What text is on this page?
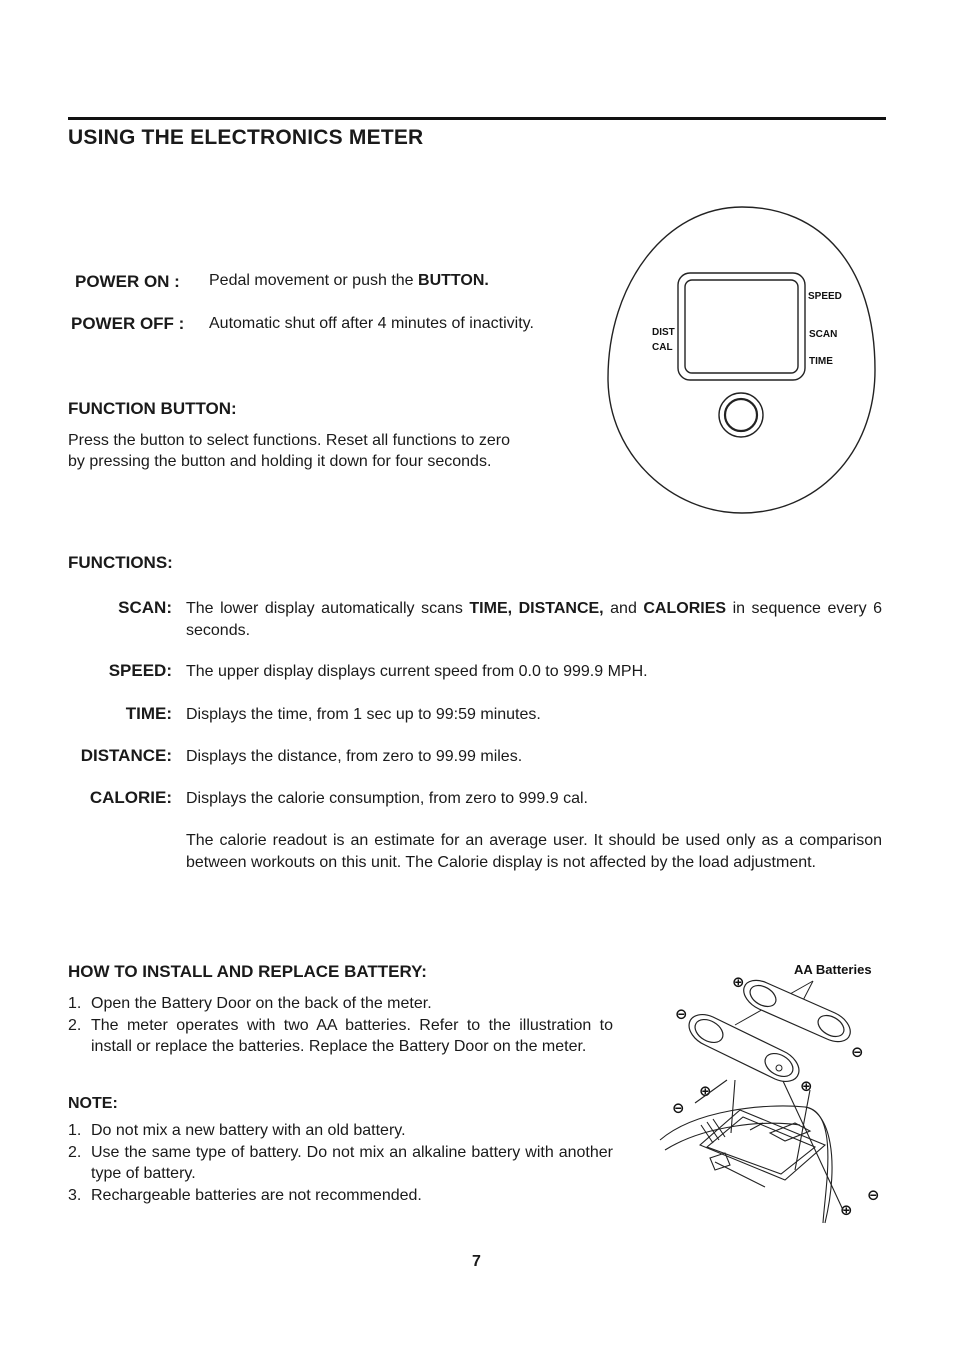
USING THE ELECTRONICS METER
POWER ON : Pedal movement or push the BUTTON.
POWER OFF : Automatic shut off after 4 minutes of inactivity.
FUNCTION BUTTON:
Press the button to select functions. Reset all functions to zero
by pressing the button and holding it down for four seconds.
DIST
CAL
SPEED
SCAN
TIME
FUNCTIONS:
SCAN: The lower display automatically scans TIME, DISTANCE, and CALORIES in sequence every 6 seconds.
SPEED: The upper display displays current speed from 0.0 to 999.9 MPH.
TIME: Displays the time, from 1 sec up to 99:59 minutes.
DISTANCE: Displays the distance, from zero to 99.99 miles.
CALORIE: Displays the calorie consumption, from zero to 999.9 cal.
The calorie readout is an estimate for an average user. It should be used only as a comparison between workouts on this unit. The Calorie display is not affected by the load adjustment.
HOW TO INSTALL AND REPLACE BATTERY:
1. Open the Battery Door on the back of the meter.
2. The meter operates with two AA batteries. Refer to the illustration to install or replace the batteries. Replace the Battery Door on the meter.
NOTE:
1. Do not mix a new battery with an old battery.
2. Use the same type of battery. Do not mix an alkaline battery with another type of battery.
3. Rechargeable batteries are not recommended.
AA Batteries
⊕
⊖
⊖
⊕	⊕
⊖
⊖
⊕
7
